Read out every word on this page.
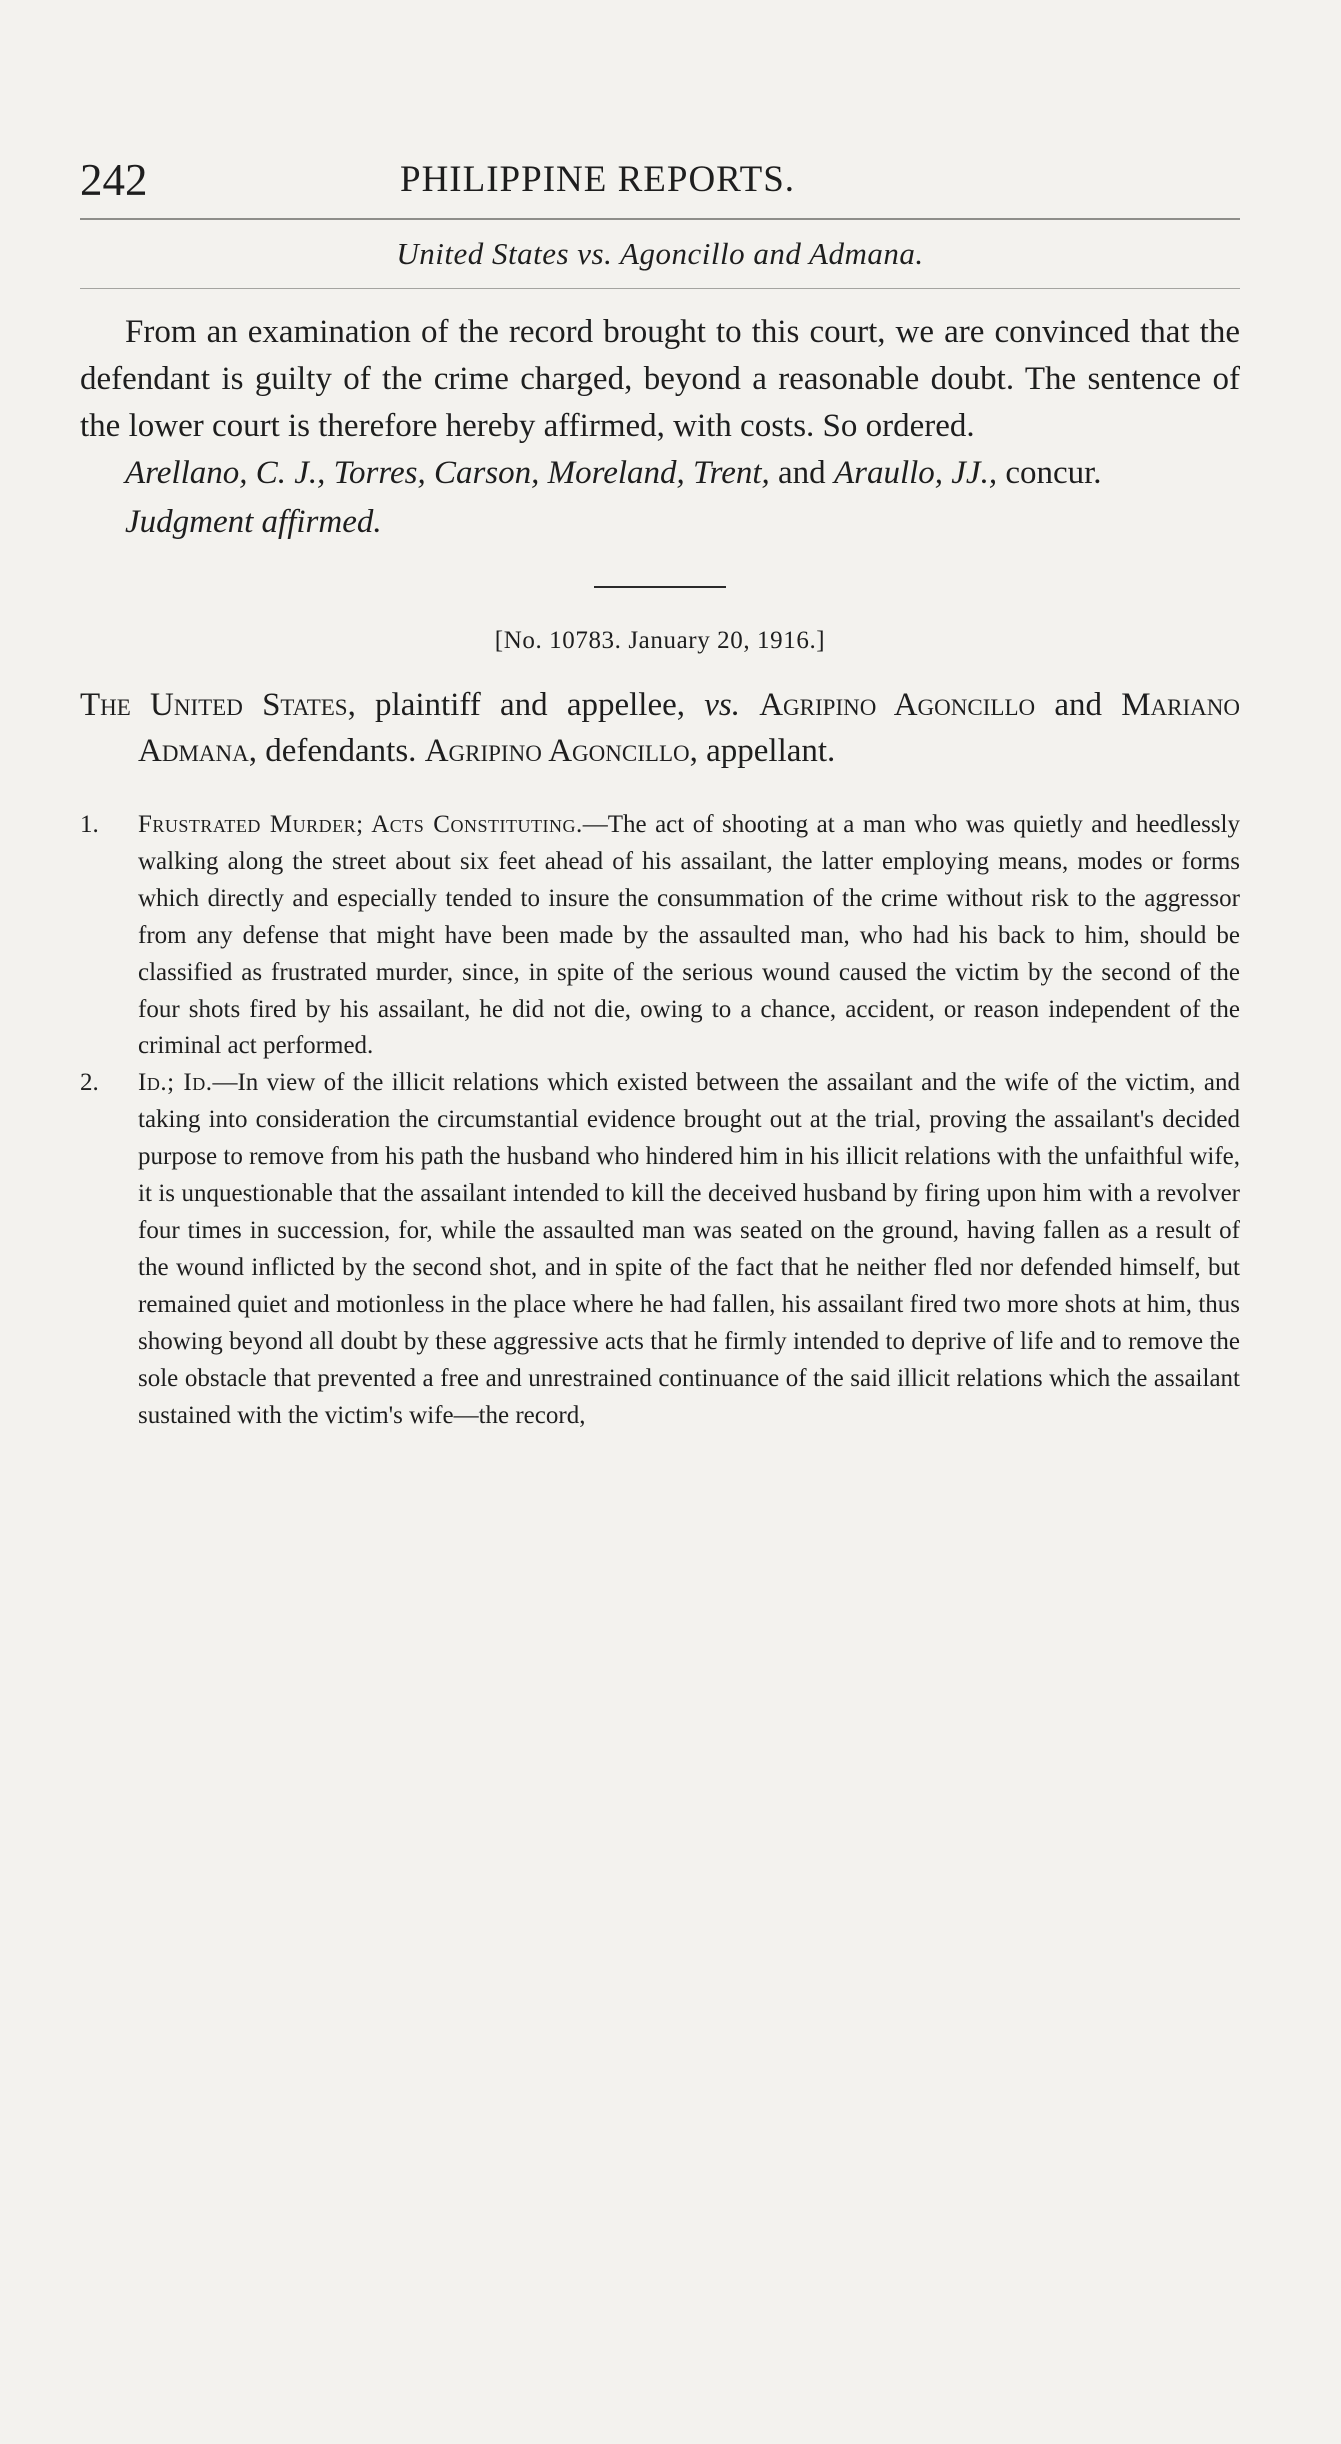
242	PHILIPPINE REPORTS.
United States vs. Agoncillo and Admana.

From an examination of the record brought to this court, we are convinced that the defendant is guilty of the crime charged, beyond a reasonable doubt. The sentence of the lower court is therefore hereby affirmed, with costs. So ordered.

Arellano, C. J., Torres, Carson, Moreland, Trent, and Araullo, JJ., concur.

Judgment affirmed.

[No. 10783. January 20, 1916.]

The United States, plaintiff and appellee, vs. Agripino Agoncillo and Mariano Admana, defendants. Agripino Agoncillo, appellant.

1. Frustrated Murder; Acts Constituting.—The act of shooting at a man who was quietly and heedlessly walking along the street about six feet ahead of his assailant, the latter employing means, modes or forms which directly and especially tended to insure the consummation of the crime without risk to the aggressor from any defense that might have been made by the assaulted man, who had his back to him, should be classified as frustrated murder, since, in spite of the serious wound caused the victim by the second of the four shots fired by his assailant, he did not die, owing to a chance, accident, or reason independent of the criminal act performed.

2. Id.; Id.—In view of the illicit relations which existed between the assailant and the wife of the victim, and taking into consideration the circumstantial evidence brought out at the trial, proving the assailant's decided purpose to remove from his path the husband who hindered him in his illicit relations with the unfaithful wife, it is unquestionable that the assailant intended to kill the deceived husband by firing upon him with a revolver four times in succession, for, while the assaulted man was seated on the ground, having fallen as a result of the wound inflicted by the second shot, and in spite of the fact that he neither fled nor defended himself, but remained quiet and motionless in the place where he had fallen, his assailant fired two more shots at him, thus showing beyond all doubt by these aggressive acts that he firmly intended to deprive of life and to remove the sole obstacle that prevented a free and unrestrained continuance of the said illicit relations which the assailant sustained with the victim's wife—the record,
